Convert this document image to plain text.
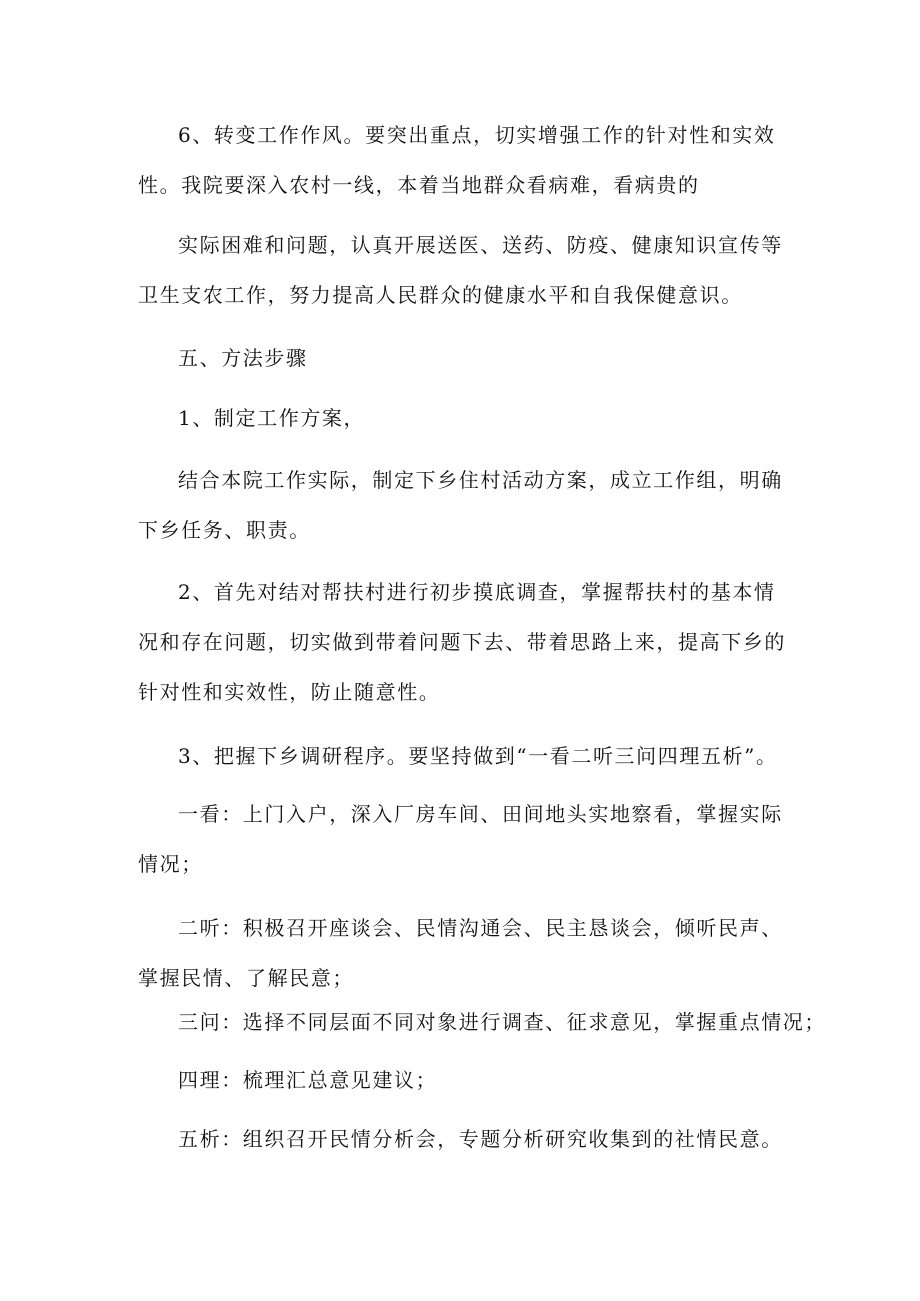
6、转变工作作风。要突出重点，切实增强工作的针对性和实效性。我院要深入农村一线，本着当地群众看病难，看病贵的

实际困难和问题，认真开展送医、送药、防疫、健康知识宣传等卫生支农工作，努力提高人民群众的健康水平和自我保健意识。

五、方法步骤

1、制定工作方案，

结合本院工作实际，制定下乡住村活动方案，成立工作组，明确下乡任务、职责。

2、首先对结对帮扶村进行初步摸底调查，掌握帮扶村的基本情况和存在问题，切实做到带着问题下去、带着思路上来，提高下乡的针对性和实效性，防止随意性。

3、把握下乡调研程序。要坚持做到“一看二听三问四理五析”。

一看：上门入户，深入厂房车间、田间地头实地察看，掌握实际情况；

二听：积极召开座谈会、民情沟通会、民主恳谈会，倾听民声、掌握民情、了解民意；

三问：选择不同层面不同对象进行调查、征求意见，掌握重点情况；

四理：梳理汇总意见建议；

五析：组织召开民情分析会，专题分析研究收集到的社情民意。
